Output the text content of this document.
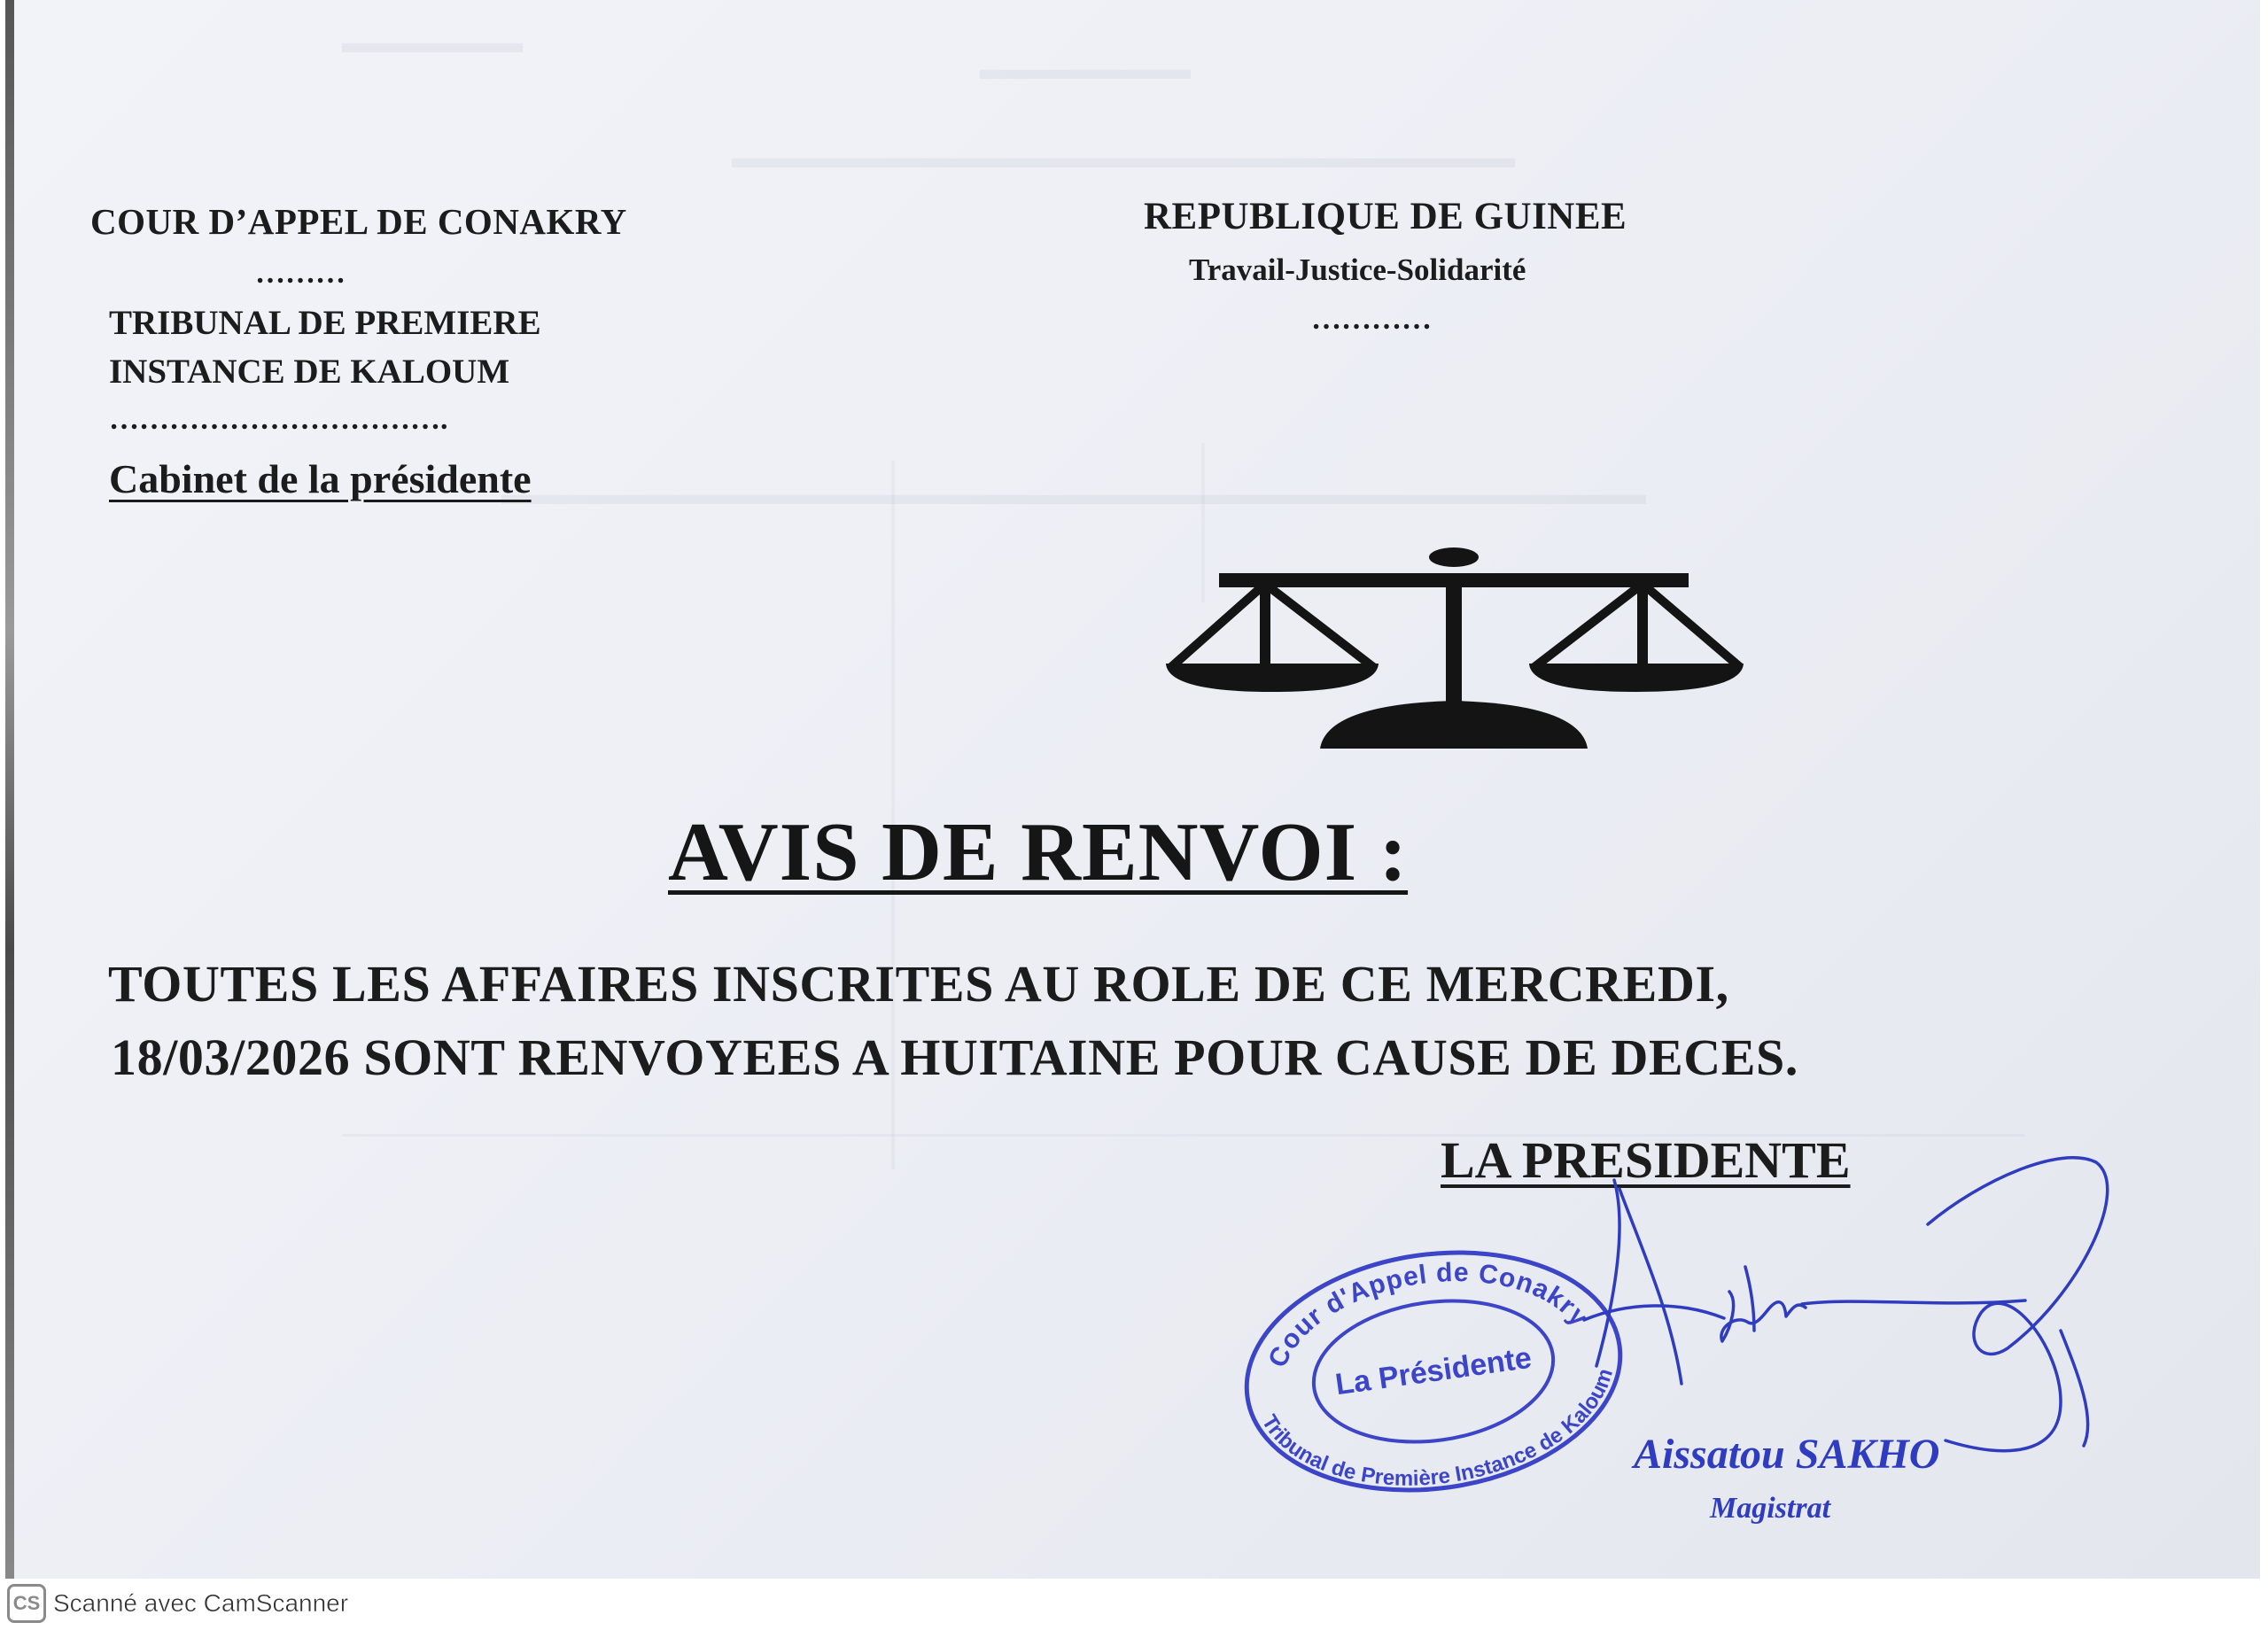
▬▬▬▬▬▬
▬▬▬▬▬▬▬
▬▬▬▬▬▬▬▬▬▬▬▬▬▬▬▬▬▬▬▬▬▬▬▬▬▬
▬▬▬▬▬▬▬▬▬▬▬▬▬▬▬▬▬▬▬▬▬▬▬▬▬▬▬▬▬▬▬▬▬▬▬▬▬▬
COUR D’APPEL DE CONAKRY
………
TRIBUNAL DE PREMIERE
INSTANCE DE KALOUM
…………………………….
Cabinet de la présidente
REPUBLIQUE DE GUINEE
Travail-Justice-Solidarité
…………
AVIS DE RENVOI :
TOUTES LES AFFAIRES INSCRITES AU ROLE DE CE MERCREDI,
18/03/2026 SONT RENVOYEES A HUITAINE POUR CAUSE DE DECES.
LA PRESIDENTE
Cour d'Appel de Conakry
Tribunal de Première Instance de Kaloum
La Présidente
Aissatou SAKHO
Magistrat
CS Scanné avec CamScanner
